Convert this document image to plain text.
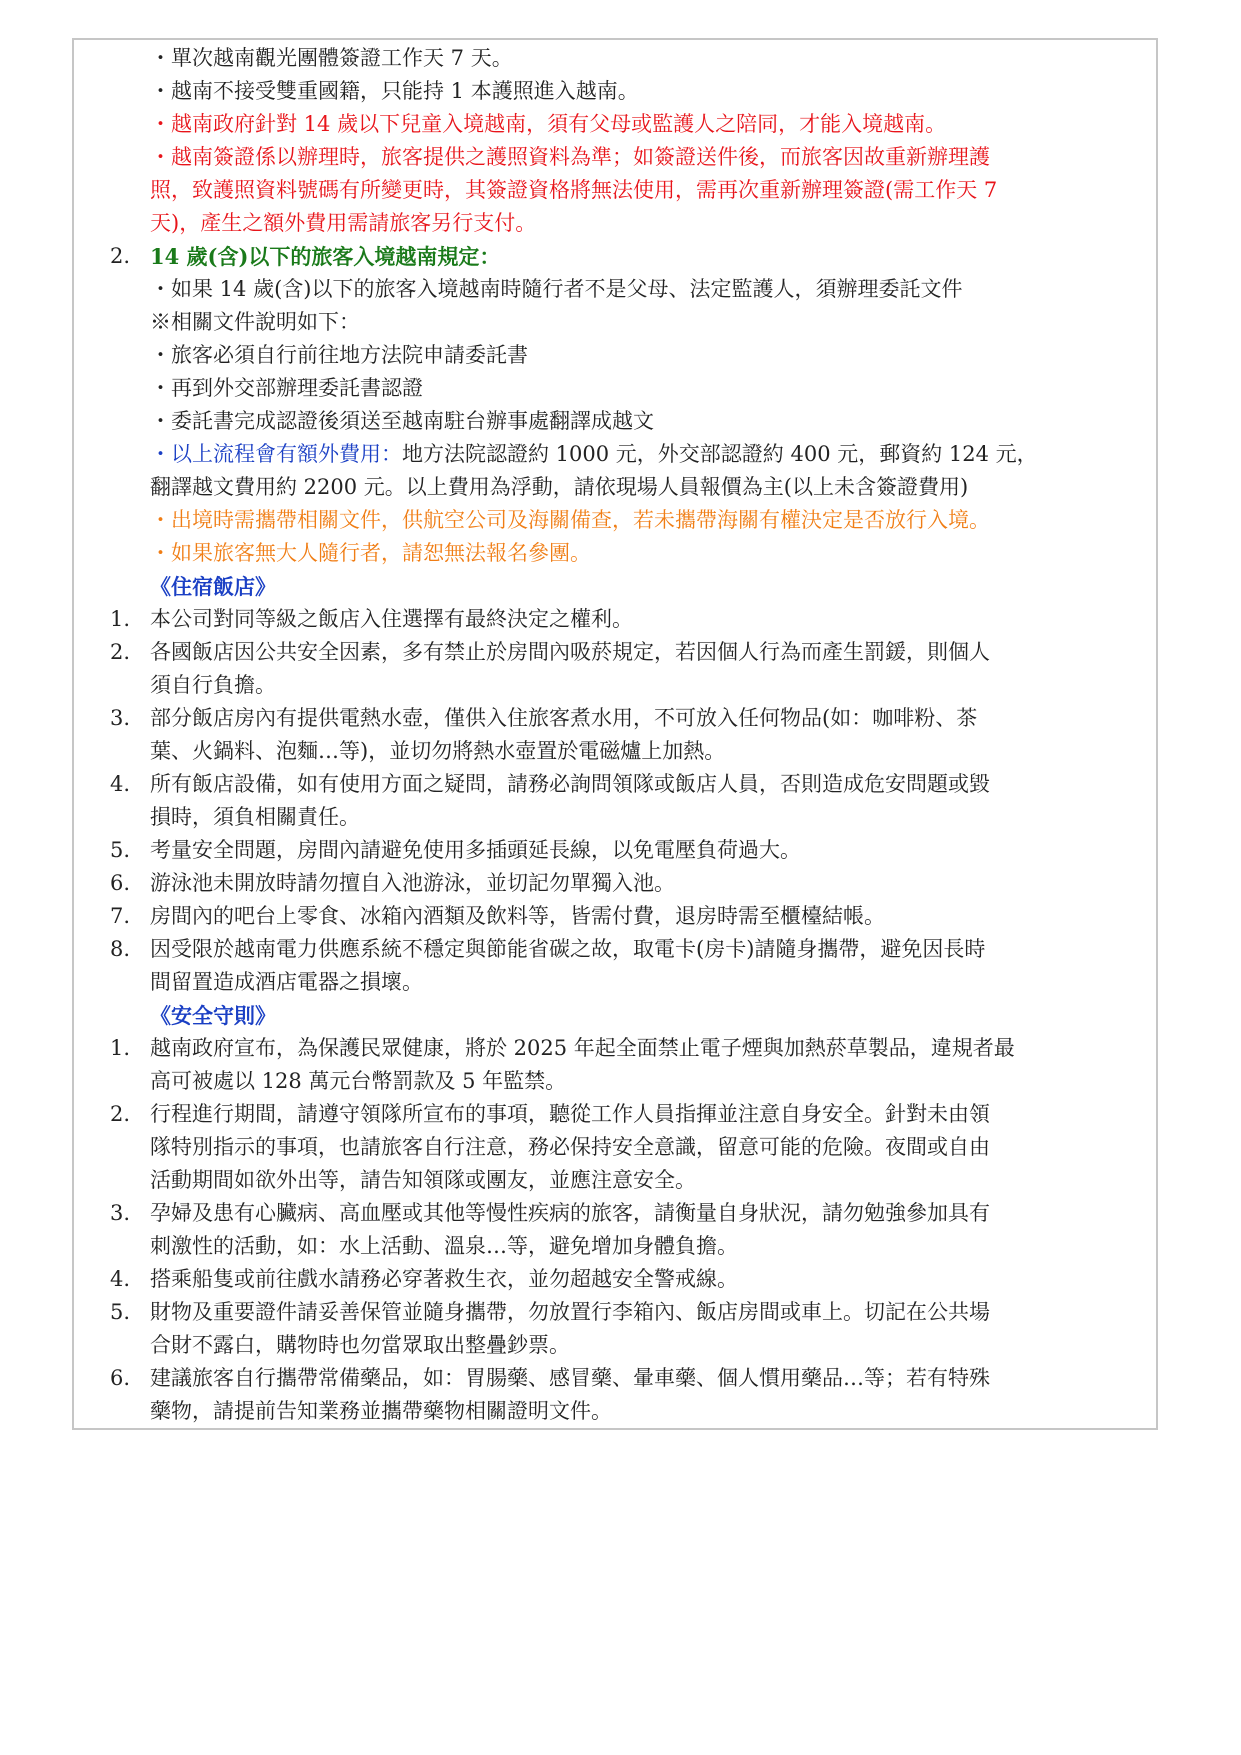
・單次越南觀光團體簽證工作天 7 天。
・越南不接受雙重國籍，只能持 1 本護照進入越南。
・越南政府針對 14 歲以下兒童入境越南，須有父母或監護人之陪同，才能入境越南。
・越南簽證係以辦理時，旅客提供之護照資料為準；如簽證送件後，而旅客因故重新辦理護
照，致護照資料號碼有所變更時，其簽證資格將無法使用，需再次重新辦理簽證(需工作天 7
天)，產生之額外費用需請旅客另行支付。
2. 14 歲(含)以下的旅客入境越南規定：
・如果 14 歲(含)以下的旅客入境越南時隨行者不是父母、法定監護人，須辦理委託文件
※相關文件說明如下：
・旅客必須自行前往地方法院申請委託書
・再到外交部辦理委託書認證
・委託書完成認證後須送至越南駐台辦事處翻譯成越文
・以上流程會有額外費用：地方法院認證約 1000 元，外交部認證約 400 元，郵資約 124 元，
翻譯越文費用約 2200 元。以上費用為浮動，請依現場人員報價為主(以上未含簽證費用)
・出境時需攜帶相關文件，供航空公司及海關備查，若未攜帶海關有權決定是否放行入境。
・如果旅客無大人隨行者，請恕無法報名參團。
《住宿飯店》
1. 本公司對同等級之飯店入住選擇有最終決定之權利。
2. 各國飯店因公共安全因素，多有禁止於房間內吸菸規定，若因個人行為而產生罰鍰，則個人
須自行負擔。
3. 部分飯店房內有提供電熱水壺，僅供入住旅客煮水用，不可放入任何物品(如：咖啡粉、茶
葉、火鍋料、泡麵…等)，並切勿將熱水壺置於電磁爐上加熱。
4. 所有飯店設備，如有使用方面之疑問，請務必詢問領隊或飯店人員，否則造成危安問題或毀
損時，須負相關責任。
5. 考量安全問題，房間內請避免使用多插頭延長線，以免電壓負荷過大。
6. 游泳池未開放時請勿擅自入池游泳，並切記勿單獨入池。
7. 房間內的吧台上零食、冰箱內酒類及飲料等，皆需付費，退房時需至櫃檯結帳。
8. 因受限於越南電力供應系統不穩定與節能省碳之故，取電卡(房卡)請隨身攜帶，避免因長時
間留置造成酒店電器之損壞。
《安全守則》
1. 越南政府宣布，為保護民眾健康，將於 2025 年起全面禁止電子煙與加熱菸草製品，違規者最
高可被處以 128 萬元台幣罰款及 5 年監禁。
2. 行程進行期間，請遵守領隊所宣布的事項，聽從工作人員指揮並注意自身安全。針對未由領
隊特別指示的事項，也請旅客自行注意，務必保持安全意識，留意可能的危險。夜間或自由
活動期間如欲外出等，請告知領隊或團友，並應注意安全。
3. 孕婦及患有心臟病、高血壓或其他等慢性疾病的旅客，請衡量自身狀況，請勿勉強參加具有
刺激性的活動，如：水上活動、溫泉…等，避免增加身體負擔。
4. 搭乘船隻或前往戲水請務必穿著救生衣，並勿超越安全警戒線。
5. 財物及重要證件請妥善保管並隨身攜帶，勿放置行李箱內、飯店房間或車上。切記在公共場
合財不露白，購物時也勿當眾取出整疊鈔票。
6. 建議旅客自行攜帶常備藥品，如：胃腸藥、感冒藥、暈車藥、個人慣用藥品…等；若有特殊
藥物，請提前告知業務並攜帶藥物相關證明文件。
